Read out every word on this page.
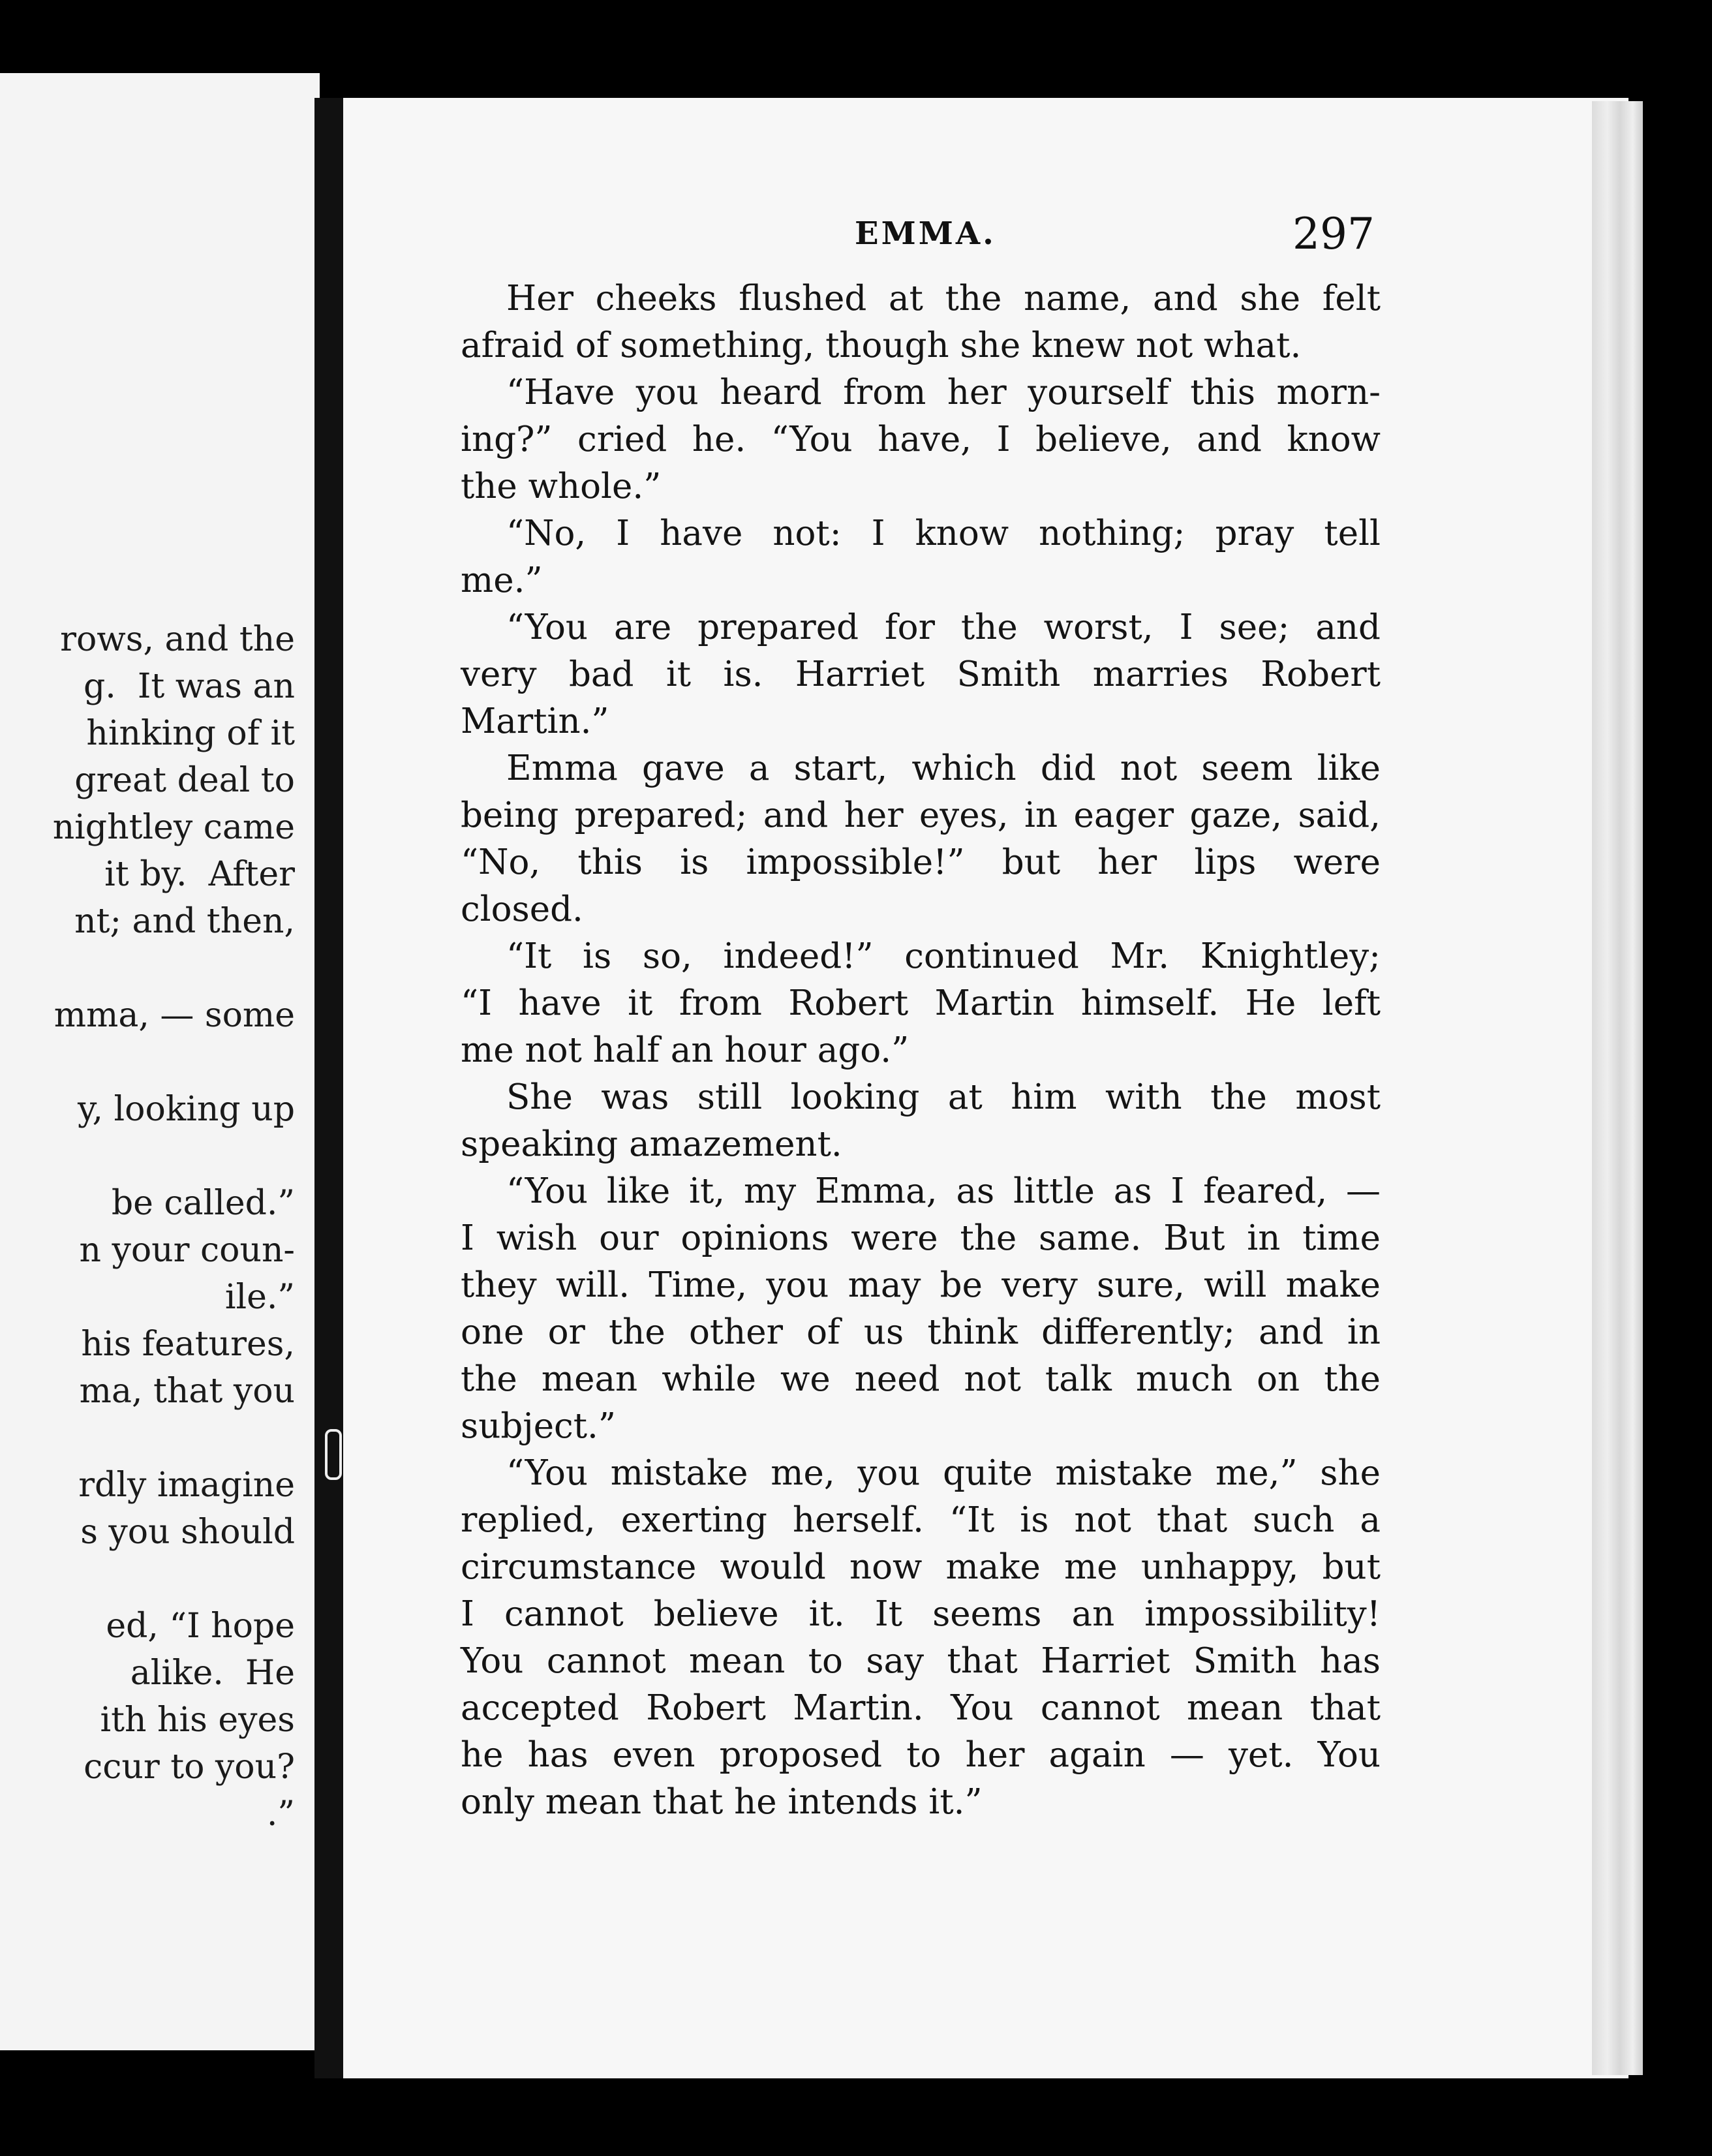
rows, and the
g.  It was an
hinking of it
great deal to
nightley came
it by.  After
nt; and then,
mma, — some
y, looking up
be called.”
n your coun-
ile.”
his features,
ma, that you
rdly imagine
s you should
ed, “I hope
alike.  He
ith his eyes
ccur to you?
.”
EMMA.	297
Her cheeks flushed at the name, and she felt
afraid of something, though she knew not what.
“Have you heard from her yourself this morn-
ing?” cried he. “You have, I believe, and know
the whole.”
“No, I have not: I know nothing; pray tell
me.”
“You are prepared for the worst, I see; and
very bad it is. Harriet Smith marries Robert
Martin.”
Emma gave a start, which did not seem like
being prepared; and her eyes, in eager gaze, said,
“No, this is impossible!” but her lips were
closed.
“It is so, indeed!” continued Mr. Knightley;
“I have it from Robert Martin himself. He left
me not half an hour ago.”
She was still looking at him with the most
speaking amazement.
“You like it, my Emma, as little as I feared, —
I wish our opinions were the same. But in time
they will. Time, you may be very sure, will make
one or the other of us think differently; and in
the mean while we need not talk much on the
subject.”
“You mistake me, you quite mistake me,” she
replied, exerting herself. “It is not that such a
circumstance would now make me unhappy, but
I cannot believe it. It seems an impossibility!
You cannot mean to say that Harriet Smith has
accepted Robert Martin. You cannot mean that
he has even proposed to her again — yet. You
only mean that he intends it.”
